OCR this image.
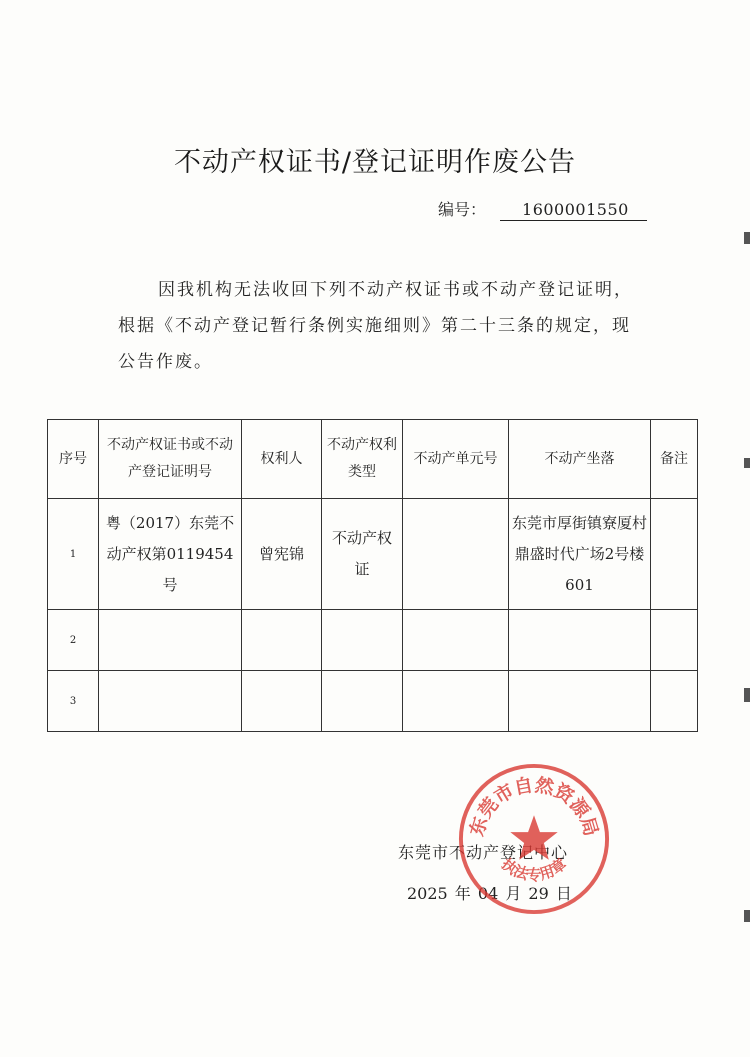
不动产权证书/登记证明作废公告
编号： 1600001550

因我机构无法收回下列不动产权证书或不动产登记证明，根据《不动产登记暂行条例实施细则》第二十三条的规定，现公告作废。

序号	不动产权证书或不动产登记证明号	权利人	不动产权利类型	不动产单元号	不动产坐落	备注
1	粤（2017）东莞不动产权第0119454号	曾宪锦	不动产权证		东莞市厚街镇寮厦村鼎盛时代广场2号楼601	
2						
3						
东莞市不动产登记中心
2025 年 04 月 29 日
东莞市自然资源局
执法专用章
